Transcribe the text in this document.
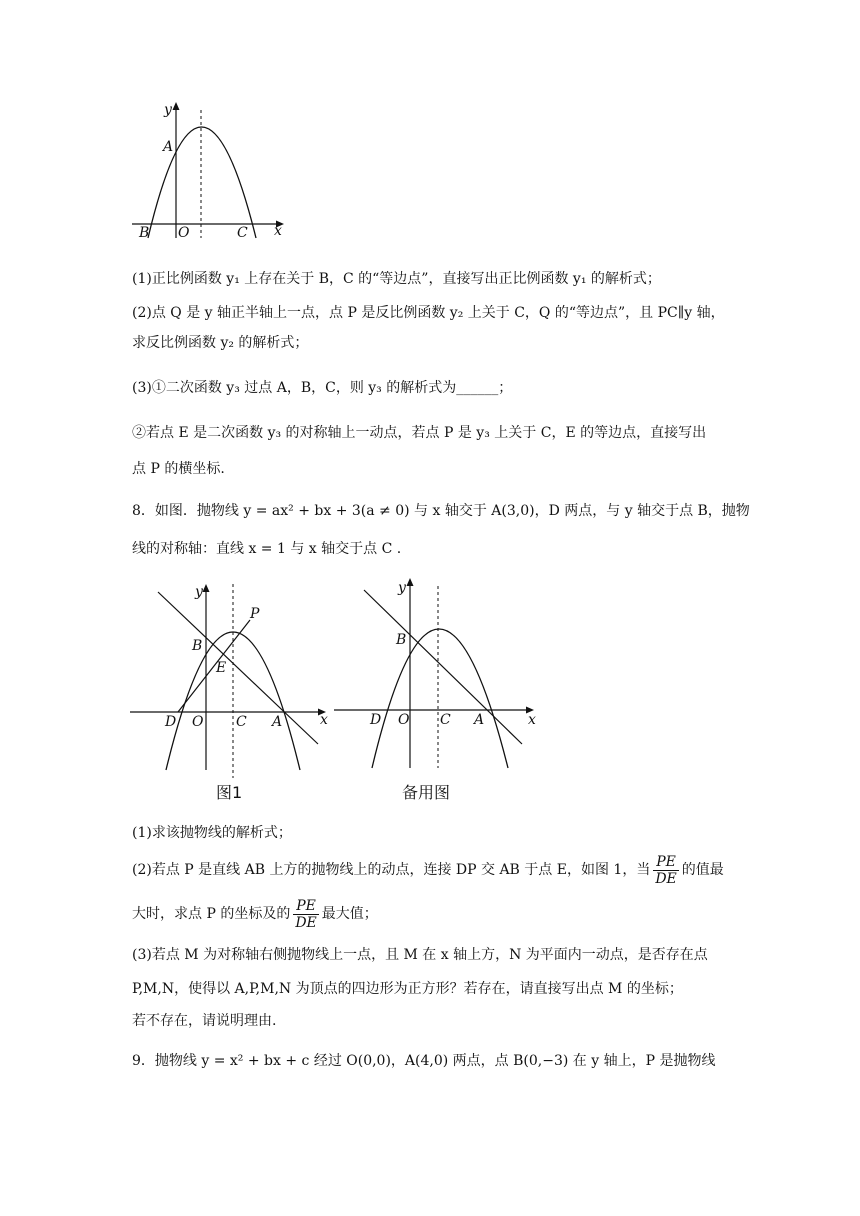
y
A
B O	C x

(1)正比例函数 y₁ 上存在关于 B，C 的“等边点”，直接写出正比例函数 y₁ 的解析式；

(2)点 Q 是 y 轴正半轴上一点，点 P 是反比例函数 y₂ 上关于 C，Q 的“等边点”，且 PC∥y 轴，

求反比例函数 y₂ 的解析式；

(3)①二次函数 y₃ 过点 A，B，C，则 y₃ 的解析式为______；

②若点 E 是二次函数 y₃ 的对称轴上一动点，若点 P 是 y₃ 上关于 C，E 的等边点，直接写出

点 P 的横坐标.

8．如图．抛物线 y = ax² + bx + 3(a ≠ 0) 与 x 轴交于 A(3,0)，D 两点，与 y 轴交于点 B，抛物

线的对称轴：直线 x = 1 与 x 轴交于点 C .

y
P
B
E
D O C A	x
图1
y
B
D O C A	x
备用图

(1)求该抛物线的解析式；

(2)若点 P 是直线 AB 上方的抛物线上的动点，连接 DP 交 AB 于点 E，如图 1，当 $\frac{PE}{DE}$ 的值最
大时，求点 P 的坐标及的 $\frac{PE}{DE}$ 最大值；

(3)若点 M 为对称轴右侧抛物线上一点，且 M 在 x 轴上方，N 为平面内一动点，是否存在点

P,M,N，使得以 A,P,M,N 为顶点的四边形为正方形？若存在，请直接写出点 M 的坐标；

若不存在，请说明理由.

9．抛物线 y = x² + bx + c 经过 O(0,0)，A(4,0) 两点，点 B(0,−3) 在 y 轴上，P 是抛物线
